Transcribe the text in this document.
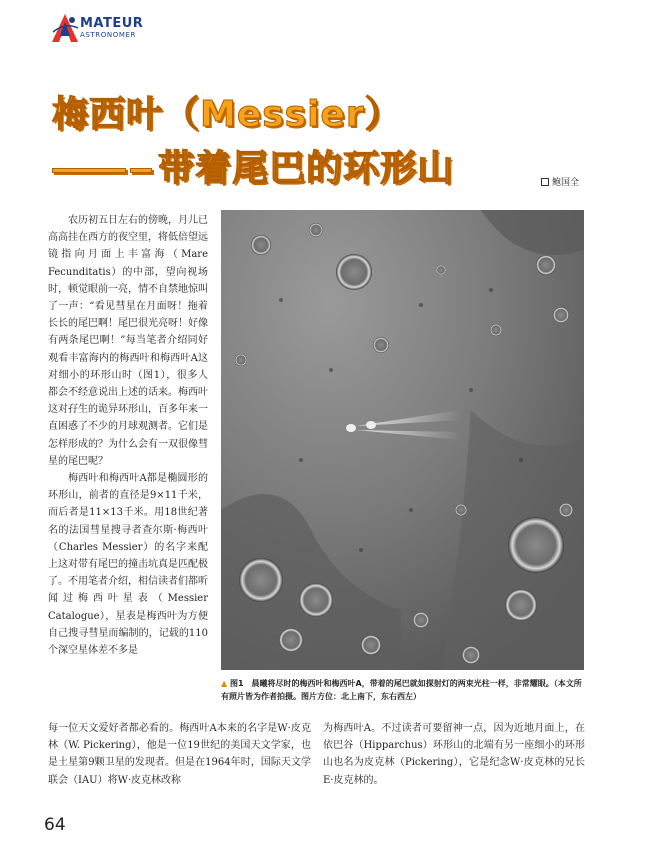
MATEUR
ASTRONOMER
梅西叶（Messier）
带着尾巴的环形山	鲍国全

农历初五日左右的傍晚，月儿已高高挂在西方的夜空里，将低倍望远镜指向月面上丰富海（Mare Fecunditatis）的中部，望向视场时，顿觉眼前一亮，情不自禁地惊叫了一声：“看见彗星在月面呀！拖着长长的尾巴啊！尾巴很光亮呀！好像有两条尾巴啊！”每当笔者介绍同好观看丰富海内的梅西叶和梅西叶A这对细小的环形山时（图1），很多人都会不经意说出上述的话来。梅西叶这对孖生的诡异环形山，百多年来一直困惑了不少的月球观测者。它们是怎样形成的？为什么会有一双很像彗星的尾巴呢？

梅西叶和梅西叶A都是椭圆形的环形山，前者的直径是9×11千米，而后者是11×13千米。用18世纪著名的法国彗星搜寻者查尔斯·梅西叶（Charles Messier）的名字来配上这对带有尾巴的撞击坑真是匹配极了。不用笔者介绍，相信读者们都听闻过梅西叶星表（Messier Catalogue），星表是梅西叶为方便自己搜寻彗星而编制的，记载的110个深空星体差不多是

▲ 图1　晨曦将尽时的梅西叶和梅西叶A，带着的尾巴就如探射灯的两束光柱一样，非常耀眼。（本文所有照片皆为作者拍摄。图片方位：北上南下，东右西左）
每一位天文爱好者都必看的。梅西叶A本来的名字是W·皮克林（W. Pickering），他是一位19世纪的美国天文学家，也是土星第9颗卫星的发现者。但是在1964年时，国际天文学联会（IAU）将W·皮克林改称
为梅西叶A。不过读者可要留神一点，因为近地月面上，在依巴谷（Hipparchus）环形山的北端有另一座细小的环形山也名为皮克林（Pickering），它是纪念W·皮克林的兄长E·皮克林的。
64
